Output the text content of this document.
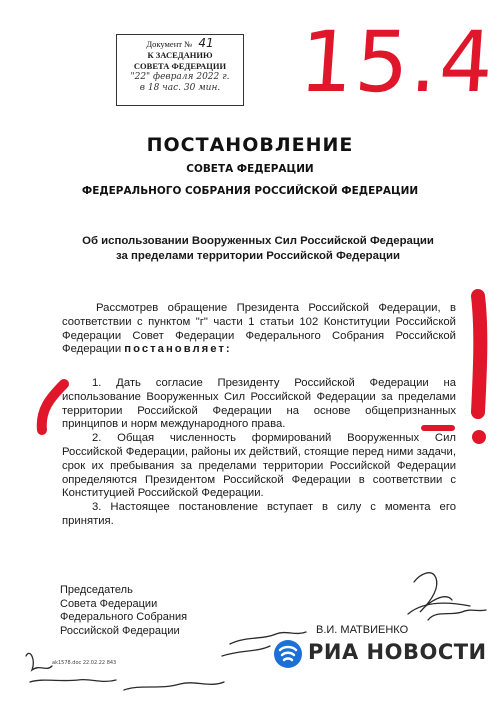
Документ № 41
К ЗАСЕДАНИЮ
СОВЕТА ФЕДЕРАЦИИ
"22" февраля 2022 г.
в 18 час. 30 мин. 15.4
ПОСТАНОВЛЕНИЕ
СОВЕТА ФЕДЕРАЦИИ
ФЕДЕРАЛЬНОГО СОБРАНИЯ РОССИЙСКОЙ ФЕДЕРАЦИИ
Об использовании Вооруженных Сил Российской Федерации
за пределами территории Российской Федерации

Рассмотрев обращение Президента Российской Федерации, в соответствии с пунктом "г" части 1 статьи 102 Конституции Российской Федерации Совет Федерации Федерального Собрания Российской Федерации постановляет:

1. Дать согласие Президенту Российской Федерации на использование Вооруженных Сил Российской Федерации за пределами территории Российской Федерации на основе общепризнанных принципов и норм международного права.

2. Общая численность формирований Вооруженных Сил Российской Федерации, районы их действий, стоящие перед ними задачи, срок их пребывания за пределами территории Российской Федерации определяются Президентом Российской Федерации в соответствии с Конституцией Российской Федерации.

3. Настоящее постановление вступает в силу с момента его принятия.

Председатель
Совета Федерации
Федерального Собрания
Российской Федерации	В.И. МАТВИЕНКО
ak1578.doc 22.02.22 843	РИА НОВОСТИ
